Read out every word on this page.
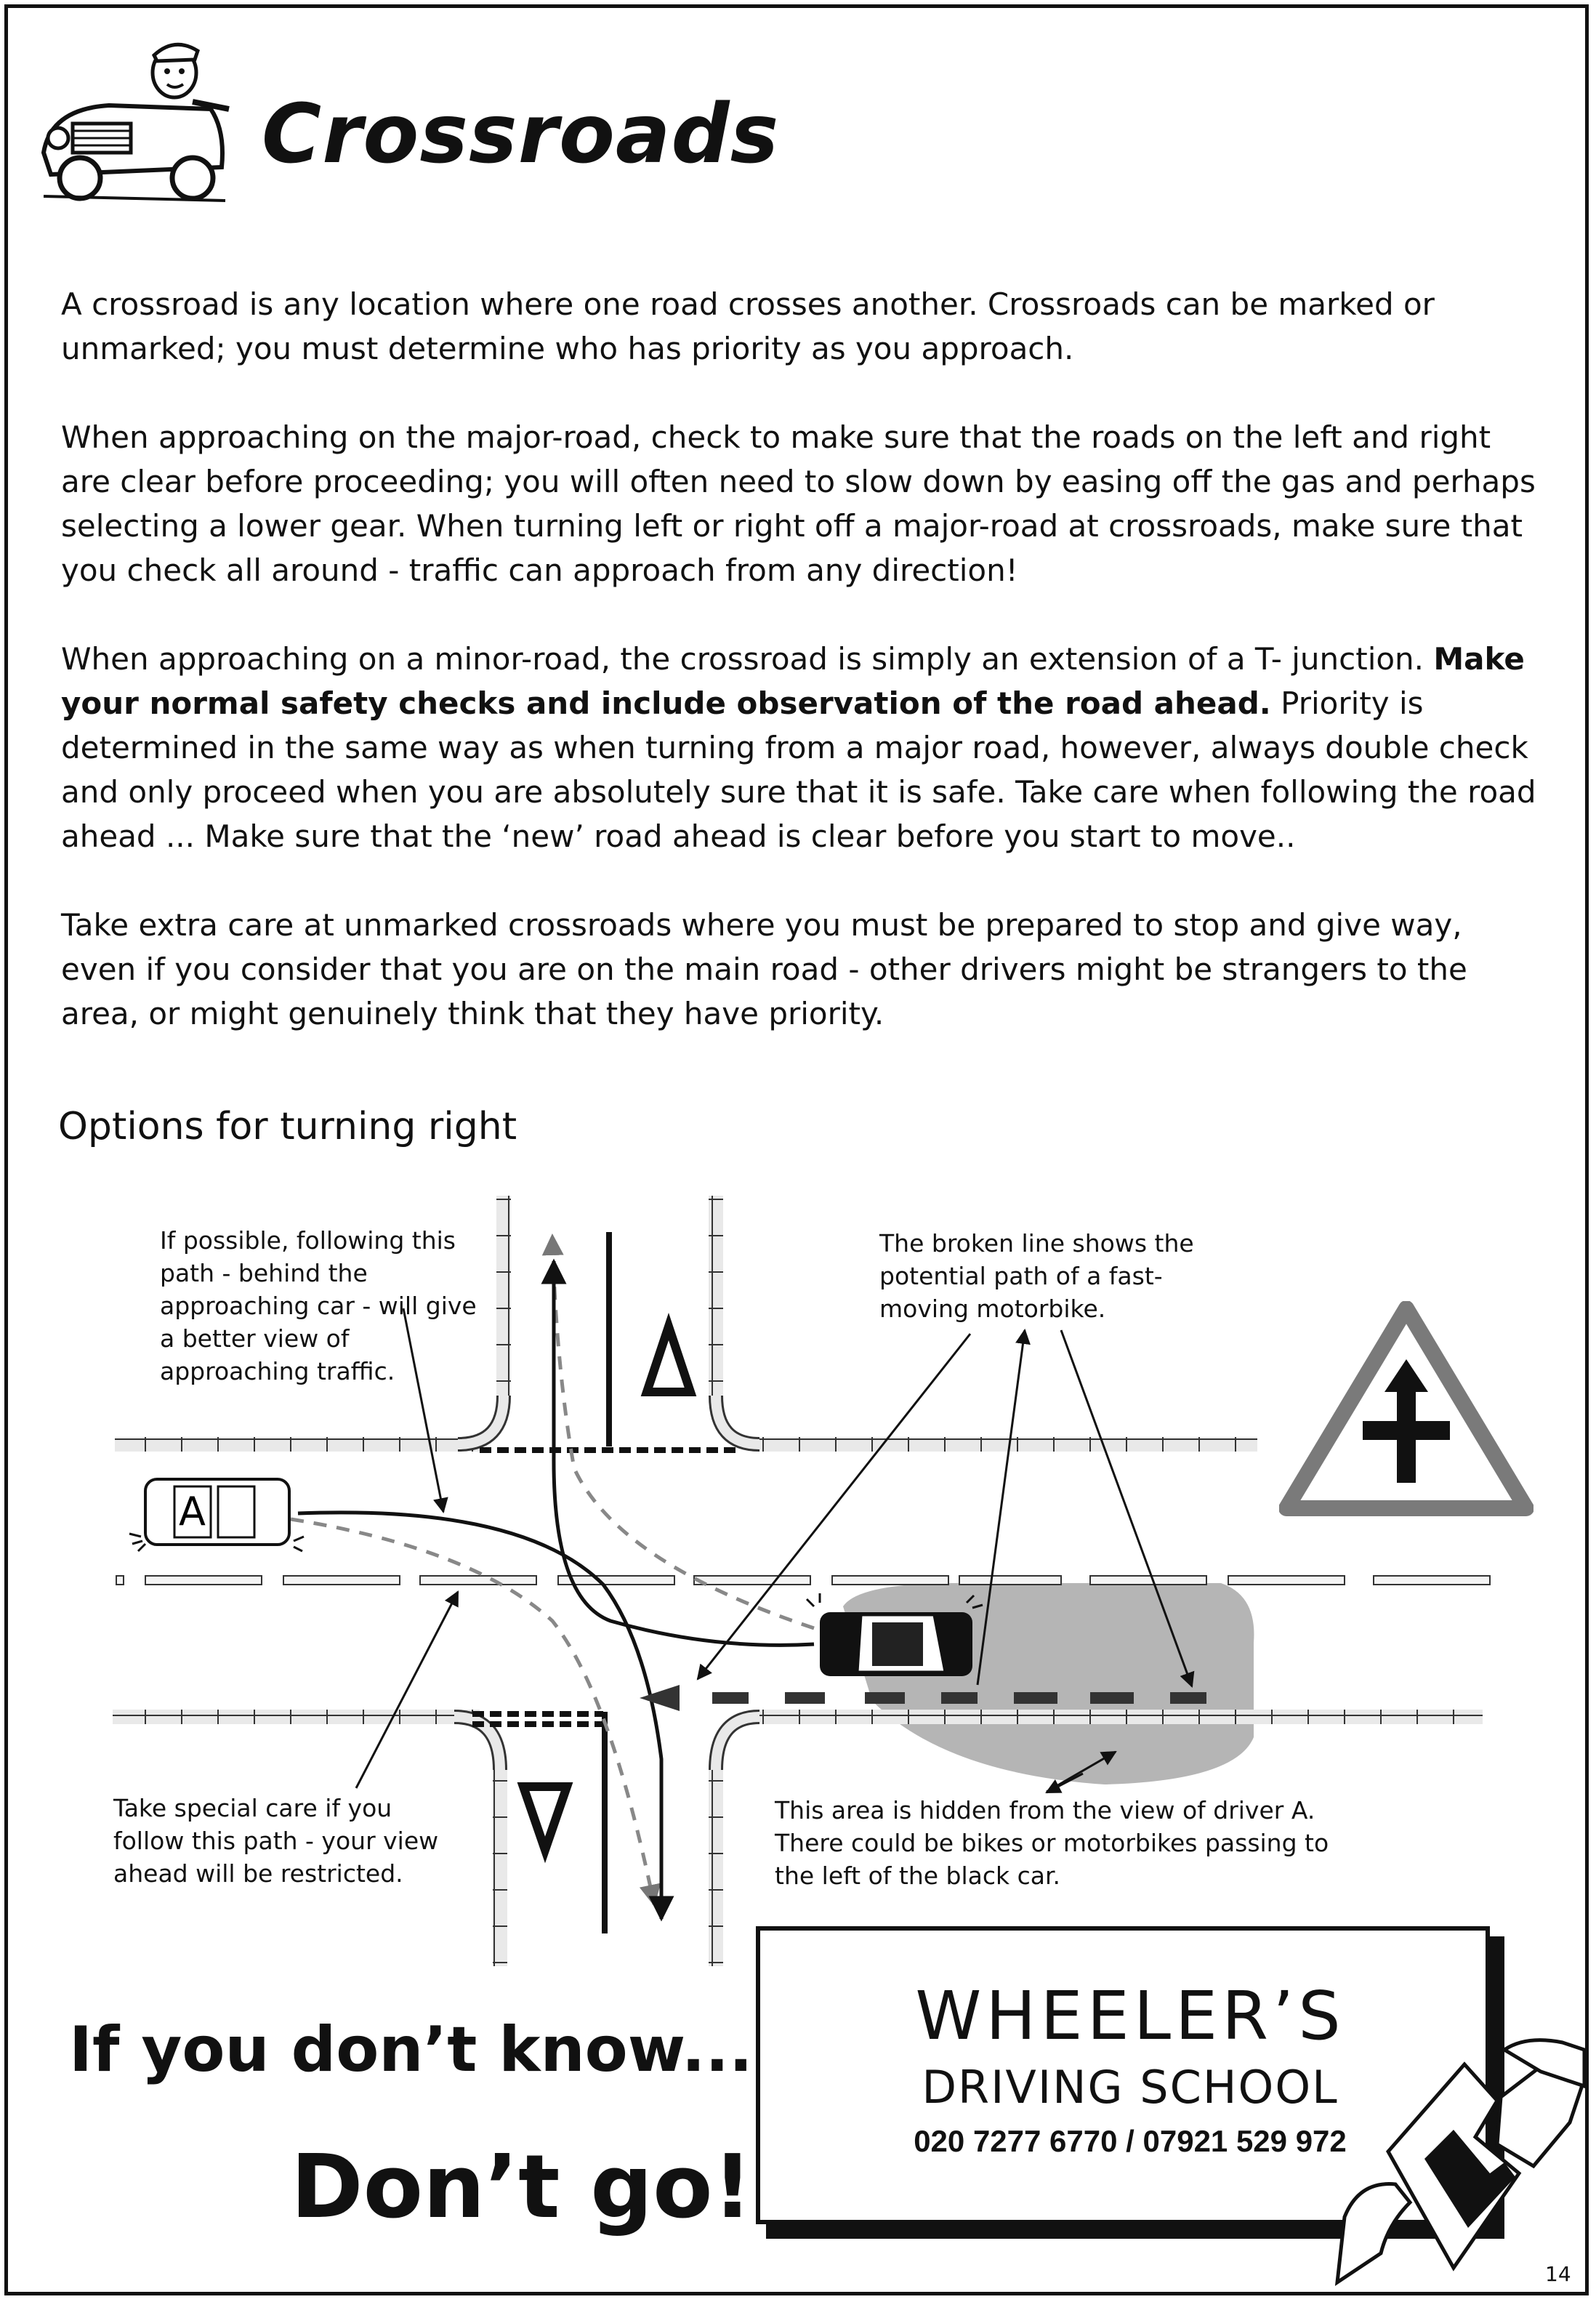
Crossroads

A crossroad is any location where one road crosses another. Crossroads can be marked or unmarked; you must determine who has priority as you approach.

When approaching on the major-road, check to make sure that the roads on the left and right are clear before proceeding; you will often need to slow down by easing off the gas and perhaps selecting a lower gear. When turning left or right off a major-road at crossroads, make sure that you check all around - traffic can approach from any direction!

When approaching on a minor-road, the crossroad is simply an extension of a T- junction. Make your normal safety checks and include observation of the road ahead. Priority is determined in the same way as when turning from a major road, however, always double check and only proceed when you are absolutely sure that it is safe. Take care when following the road ahead ... Make sure that the ‘new’ road ahead is clear before you start to move..

Take extra care at unmarked crossroads where you must be prepared to stop and give way, even if you consider that you are on the main road - other drivers might be strangers to the area, or might genuinely think that they have priority.

Options for turning right
A
If possible, following this path - behind the approaching car - will give a better view of approaching traffic.
The broken line shows the potential path of a fast-moving motorbike.
Take special care if you follow this path - your view ahead will be restricted.
This area is hidden from the view of driver A. There could be bikes or motorbikes passing to the left of the black car.
If you don’t know...
Don’t go!
WHEELER’S
DRIVING SCHOOL
020 7277 6770 / 07921 529 972
14
